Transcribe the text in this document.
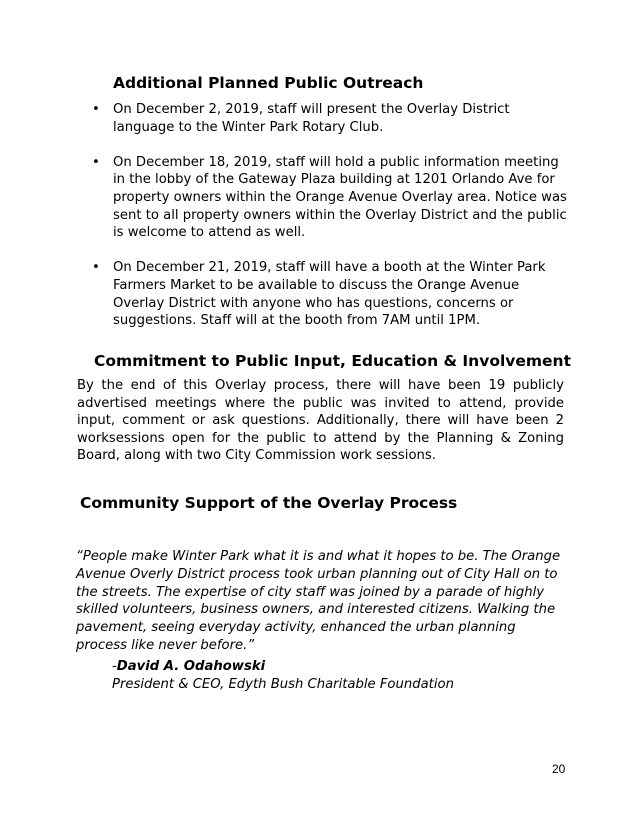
Additional Planned Public Outreach
• On December 2, 2019, staff will present the Overlay District language to the Winter Park Rotary Club.
• On December 18, 2019, staff will hold a public information meeting in the lobby of the Gateway Plaza building at 1201 Orlando Ave for property owners within the Orange Avenue Overlay area. Notice was sent to all property owners within the Overlay District and the public is welcome to attend as well.
• On December 21, 2019, staff will have a booth at the Winter Park Farmers Market to be available to discuss the Orange Avenue Overlay District with anyone who has questions, concerns or suggestions. Staff will at the booth from 7AM until 1PM.
Commitment to Public Input, Education & Involvement
By the end of this Overlay process, there will have been 19 publicly advertised meetings where the public was invited to attend, provide input, comment or ask questions. Additionally, there will have been 2 worksessions open for the public to attend by the Planning & Zoning Board, along with two City Commission work sessions.
Community Support of the Overlay Process
“People make Winter Park what it is and what it hopes to be. The Orange Avenue Overly District process took urban planning out of City Hall on to the streets. The expertise of city staff was joined by a parade of highly skilled volunteers, business owners, and interested citizens. Walking the pavement, seeing everyday activity, enhanced the urban planning process like never before.”
-David A. Odahowski
President & CEO, Edyth Bush Charitable Foundation
20
